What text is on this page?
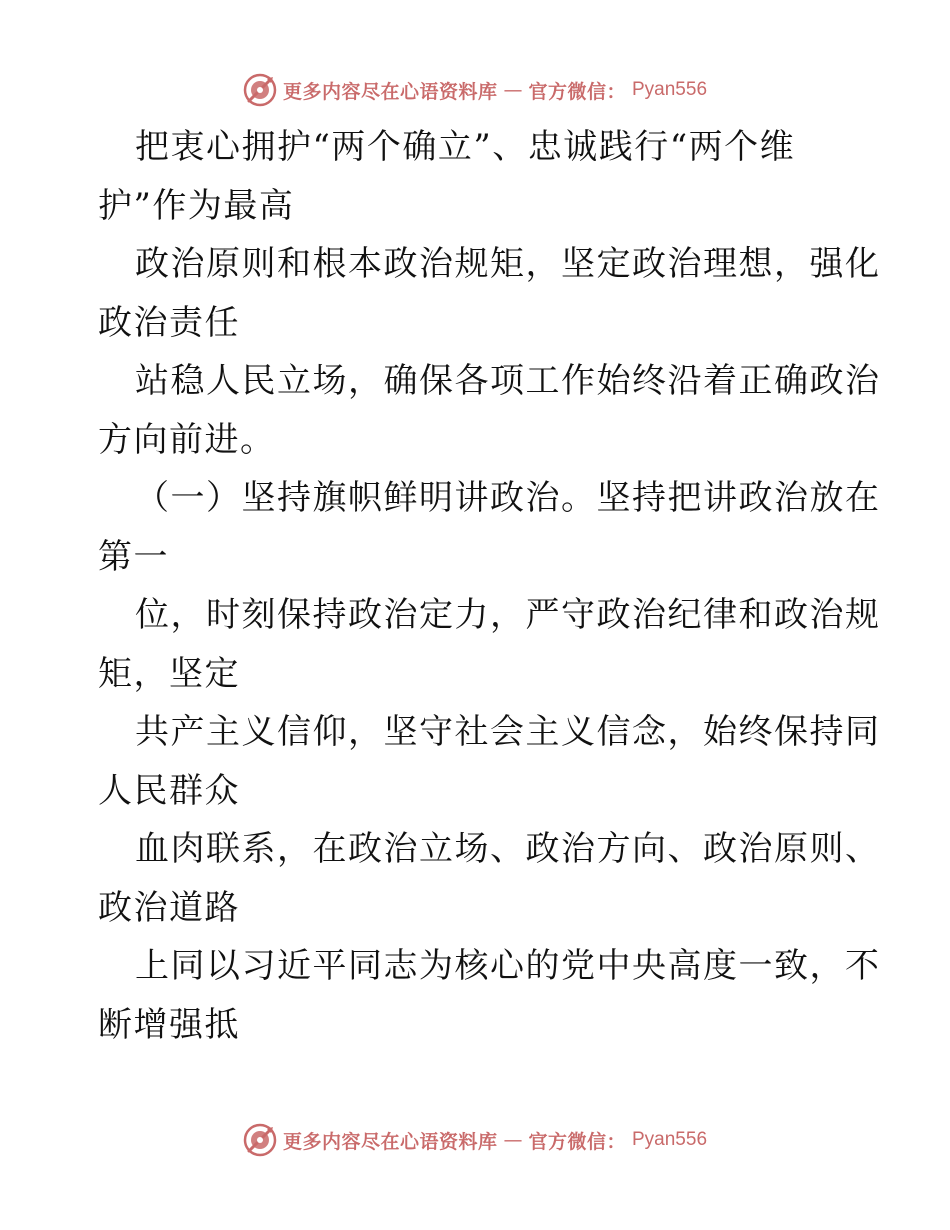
更多内容尽在心语资料库 — 官方微信： Pyan556
把衷心拥护“两个确立”、忠诚践行“两个维
护”作为最高
政治原则和根本政治规矩，坚定政治理想，强化
政治责任
站稳人民立场，确保各项工作始终沿着正确政治
方向前进。
（一）坚持旗帜鲜明讲政治。坚持把讲政治放在
第一
位，时刻保持政治定力，严守政治纪律和政治规
矩，坚定
共产主义信仰，坚守社会主义信念，始终保持同
人民群众
血肉联系，在政治立场、政治方向、政治原则、
政治道路
上同以习近平同志为核心的党中央高度一致，不
断增强抵
更多内容尽在心语资料库 — 官方微信： Pyan556
